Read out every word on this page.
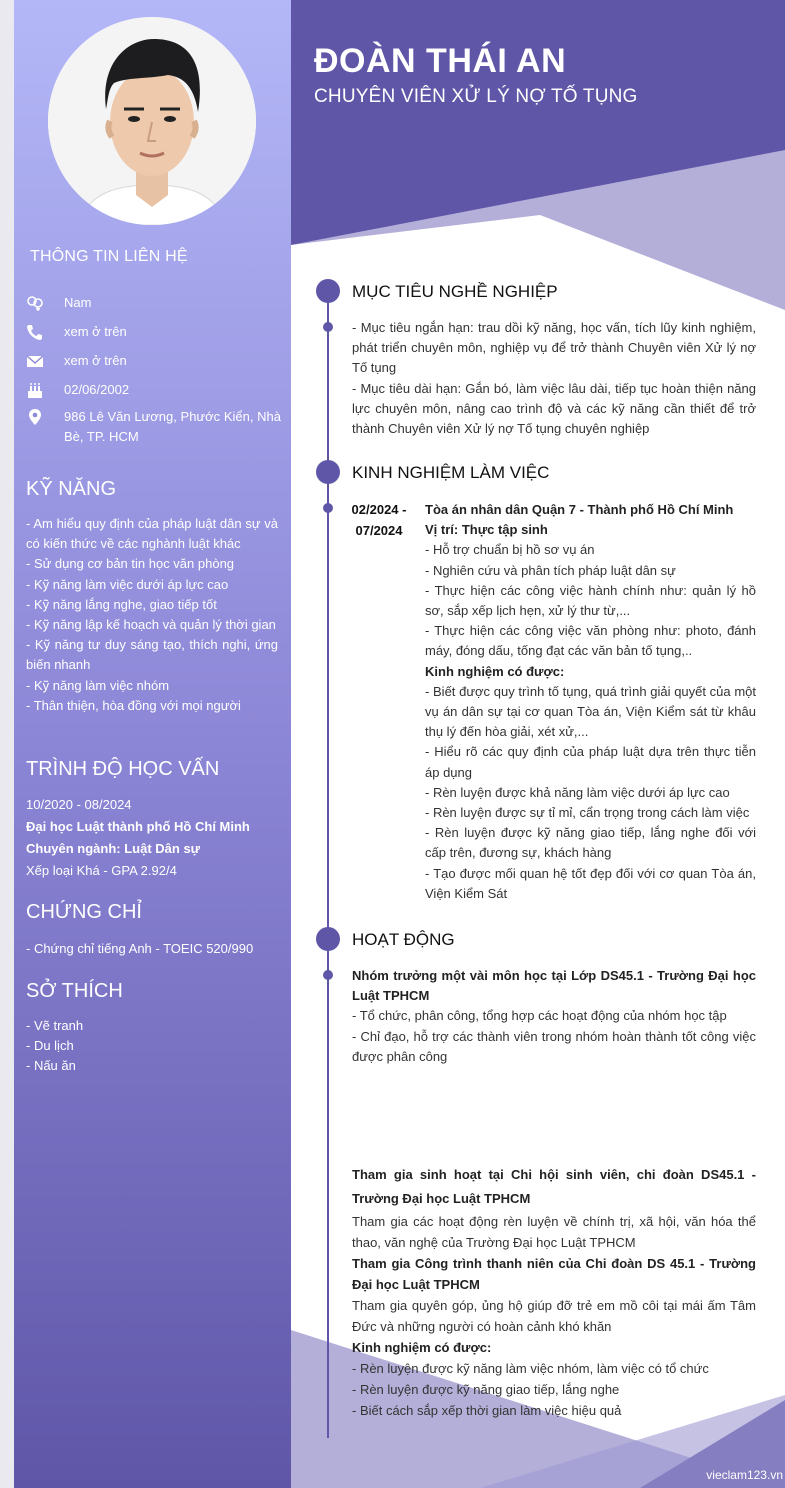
THÔNG TIN LIÊN HỆ
Nam
xem ở trên
xem ở trên
02/06/2002
986 Lê Văn Lương, Phước Kiển, Nhà Bè, TP. HCM
KỸ NĂNG

- Am hiểu quy định của pháp luật dân sự và có kiến thức về các nghành luật khác

- Sử dụng cơ bản tin học văn phòng

- Kỹ năng làm việc dưới áp lực cao

- Kỹ năng lắng nghe, giao tiếp tốt

- Kỹ năng lập kế hoạch và quản lý thời gian

- Kỹ năng tư duy sáng tạo, thích nghi, ứng biến nhanh

- Kỹ năng làm việc nhóm

- Thân thiện, hòa đồng với mọi người

TRÌNH ĐỘ HỌC VẤN

10/2020 - 08/2024

Đại học Luật thành phố Hồ Chí Minh

Chuyên ngành: Luật Dân sự

Xếp loại Khá - GPA 2.92/4

CHỨNG CHỈ

- Chứng chỉ tiếng Anh - TOEIC 520/990

SỞ THÍCH

- Vẽ tranh

- Du lịch

- Nấu ăn

ĐOÀN THÁI AN
CHUYÊN VIÊN XỬ LÝ NỢ TỐ TỤNG
MỤC TIÊU NGHỀ NGHIỆP

- Mục tiêu ngắn hạn: trau dồi kỹ năng, học vấn, tích lũy kinh nghiệm, phát triển chuyên môn, nghiệp vụ để trở thành Chuyên viên Xử lý nợ Tố tụng

- Mục tiêu dài hạn: Gắn bó, làm việc lâu dài, tiếp tục hoàn thiện năng lực chuyên môn, nâng cao trình độ và các kỹ năng cần thiết để trở thành Chuyên viên Xử lý nợ Tố tụng chuyên nghiệp

KINH NGHIỆM LÀM VIỆC
02/2024 -
07/2024

Tòa án nhân dân Quận 7 - Thành phố Hồ Chí Minh

Vị trí: Thực tập sinh

- Hỗ trợ chuẩn bị hồ sơ vụ án

- Nghiên cứu và phân tích pháp luật dân sự

- Thực hiện các công việc hành chính như: quản lý hồ sơ, sắp xếp lịch hẹn, xử lý thư từ,...

- Thực hiện các công việc văn phòng như: photo, đánh máy, đóng dấu, tống đạt các văn bản tố tụng,..

Kinh nghiệm có được:

- Biết được quy trình tố tụng, quá trình giải quyết của một vụ án dân sự tại cơ quan Tòa án, Viện Kiểm sát từ khâu thụ lý đến hòa giải, xét xử,...

- Hiểu rõ các quy định của pháp luật dựa trên thực tiễn áp dụng

- Rèn luyện được khả năng làm việc dưới áp lực cao

- Rèn luyện được sự tỉ mỉ, cẩn trọng trong cách làm việc

- Rèn luyện được kỹ năng giao tiếp, lắng nghe đối với cấp trên, đương sự, khách hàng

- Tạo được mối quan hệ tốt đẹp đối với cơ quan Tòa án, Viện Kiểm Sát

HOẠT ĐỘNG

Nhóm trưởng một vài môn học tại Lớp DS45.1 - Trường Đại học Luật TPHCM

- Tổ chức, phân công, tổng hợp các hoạt động của nhóm học tập

- Chỉ đạo, hỗ trợ các thành viên trong nhóm hoàn thành tốt công việc được phân công

Tham gia sinh hoạt tại Chi hội sinh viên, chi đoàn DS45.1 - Trường Đại học Luật TPHCM

Tham gia các hoạt động rèn luyện về chính trị, xã hội, văn hóa thể thao, văn nghệ của Trường Đại học Luật TPHCM

Tham gia Công trình thanh niên của Chi đoàn DS 45.1 - Trường Đại học Luật TPHCM

Tham gia quyên góp, ủng hộ giúp đỡ trẻ em mồ côi tại mái ấm Tâm Đức và những người có hoàn cảnh khó khăn

Kinh nghiệm có được:

- Rèn luyện được kỹ năng làm việc nhóm, làm việc có tổ chức

- Rèn luyện được kỹ năng giao tiếp, lắng nghe

- Biết cách sắp xếp thời gian làm việc hiệu quả

vieclam123.vn
